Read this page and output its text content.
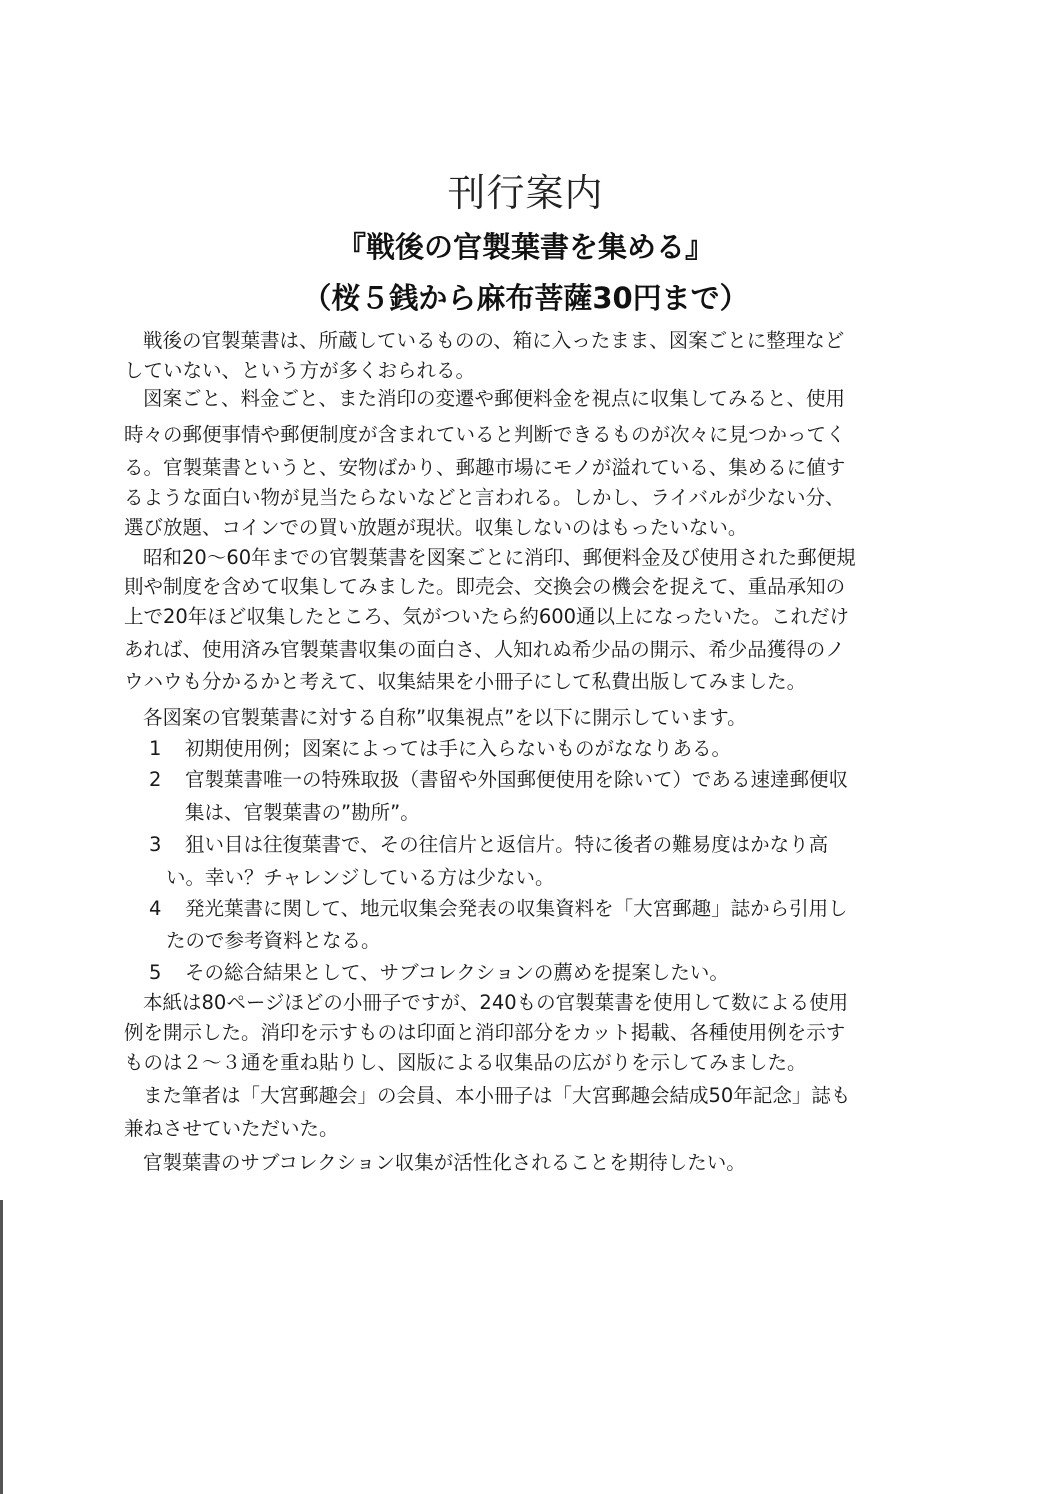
刊行案内
『戦後の官製葉書を集める』
（桜５銭から麻布菩薩30円まで）
戦後の官製葉書は、所蔵しているものの、箱に入ったまま、図案ごとに整理など
していない、という方が多くおられる。
図案ごと、料金ごと、また消印の変遷や郵便料金を視点に収集してみると、使用
時々の郵便事情や郵便制度が含まれていると判断できるものが次々に見つかってく
る。官製葉書というと、安物ばかり、郵趣市場にモノが溢れている、集めるに値す
るような面白い物が見当たらないなどと言われる。しかし、ライバルが少ない分、
選び放題、コインでの買い放題が現状。収集しないのはもったいない。
昭和20～60年までの官製葉書を図案ごとに消印、郵便料金及び使用された郵便規
則や制度を含めて収集してみました。即売会、交換会の機会を捉えて、重品承知の
上で20年ほど収集したところ、気がついたら約600通以上になったいた。これだけ
あれば、使用済み官製葉書収集の面白さ、人知れぬ希少品の開示、希少品獲得のノ
ウハウも分かるかと考えて、収集結果を小冊子にして私費出版してみました。
各図案の官製葉書に対する自称”収集視点”を以下に開示しています。
1 初期使用例；図案によっては手に入らないものがななりある。
2 官製葉書唯一の特殊取扱（書留や外国郵便使用を除いて）である速達郵便収
集は、官製葉書の”勘所”。
3 狙い目は往復葉書で、その往信片と返信片。特に後者の難易度はかなり高
い。幸い？チャレンジしている方は少ない。
4 発光葉書に関して、地元収集会発表の収集資料を「大宮郵趣」誌から引用し
たので参考資料となる。
5 その総合結果として、サブコレクションの薦めを提案したい。
本紙は80ページほどの小冊子ですが、240もの官製葉書を使用して数による使用
例を開示した。消印を示すものは印面と消印部分をカット掲載、各種使用例を示す
ものは２～３通を重ね貼りし、図版による収集品の広がりを示してみました。
また筆者は「大宮郵趣会」の会員、本小冊子は「大宮郵趣会結成50年記念」誌も
兼ねさせていただいた。
官製葉書のサブコレクション収集が活性化されることを期待したい。
